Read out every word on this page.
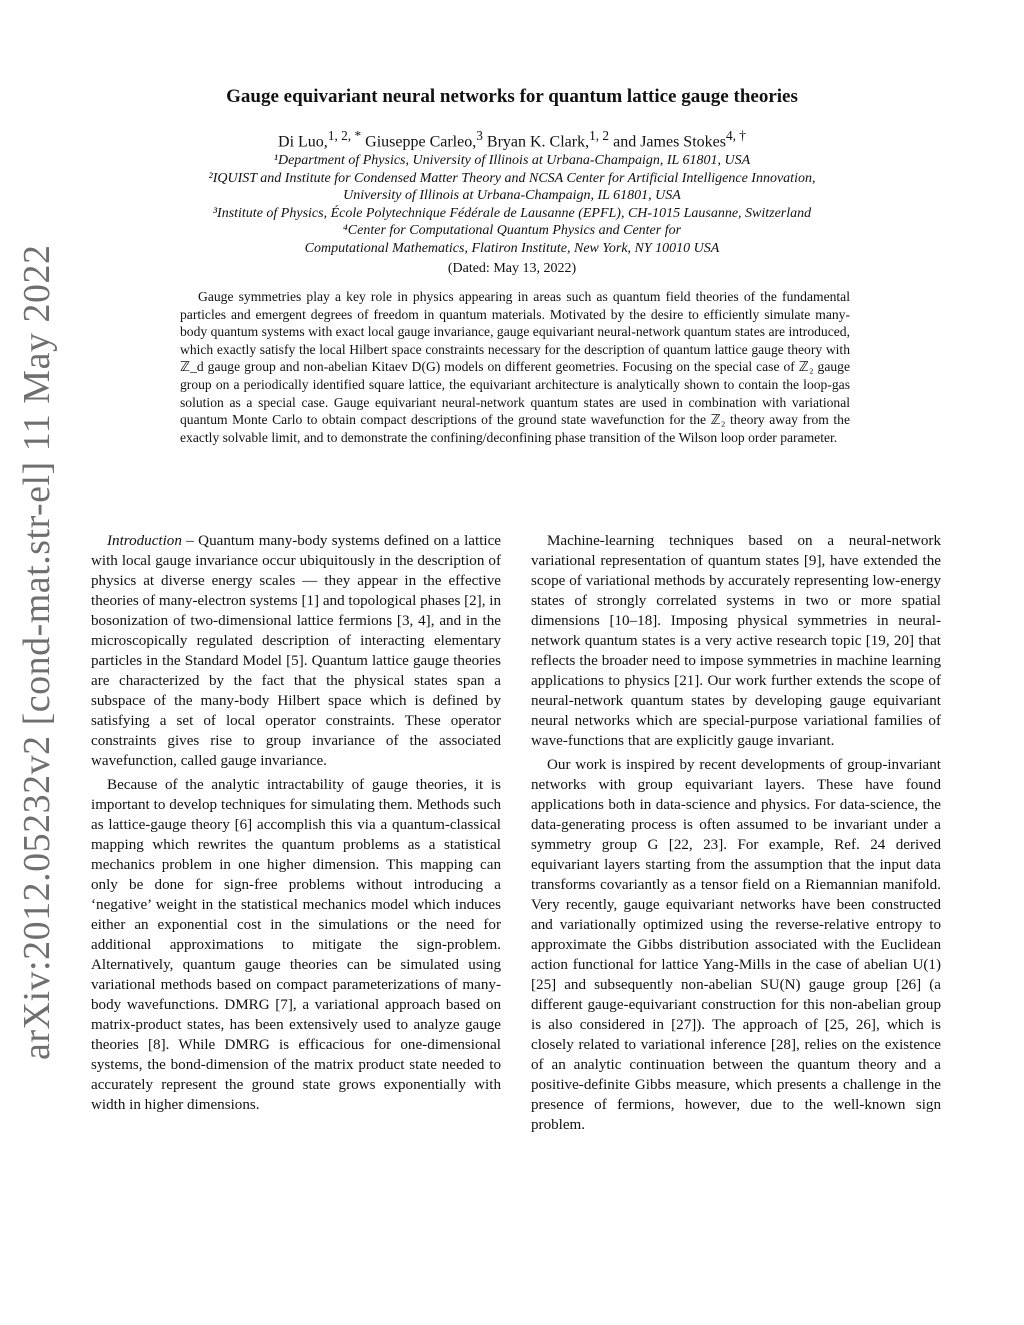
arXiv:2012.05232v2 [cond-mat.str-el] 11 May 2022
Gauge equivariant neural networks for quantum lattice gauge theories
Di Luo,$^{1, 2, *}$ Giuseppe Carleo,$^3$ Bryan K. Clark,$^{1, 2}$ and James Stokes$^{4, \dagger}$
¹Department of Physics, University of Illinois at Urbana-Champaign, IL 61801, USA
²IQUIST and Institute for Condensed Matter Theory and NCSA Center for Artificial Intelligence Innovation,
University of Illinois at Urbana-Champaign, IL 61801, USA
³Institute of Physics, École Polytechnique Fédérale de Lausanne (EPFL), CH-1015 Lausanne, Switzerland
⁴Center for Computational Quantum Physics and Center for
Computational Mathematics, Flatiron Institute, New York, NY 10010 USA
(Dated: May 13, 2022)
Gauge symmetries play a key role in physics appearing in areas such as quantum field theories of the fundamental particles and emergent degrees of freedom in quantum materials. Motivated by the desire to efficiently simulate many-body quantum systems with exact local gauge invariance, gauge equivariant neural-network quantum states are introduced, which exactly satisfy the local Hilbert space constraints necessary for the description of quantum lattice gauge theory with ℤ_d gauge group and non-abelian Kitaev D(G) models on different geometries. Focusing on the special case of ℤ₂ gauge group on a periodically identified square lattice, the equivariant architecture is analytically shown to contain the loop-gas solution as a special case. Gauge equivariant neural-network quantum states are used in combination with variational quantum Monte Carlo to obtain compact descriptions of the ground state wavefunction for the ℤ₂ theory away from the exactly solvable limit, and to demonstrate the confining/deconfining phase transition of the Wilson loop order parameter.

Introduction – Quantum many-body systems defined on a lattice with local gauge invariance occur ubiquitously in the description of physics at diverse energy scales — they appear in the effective theories of many-electron systems [1] and topological phases [2], in bosonization of two-dimensional lattice fermions [3, 4], and in the microscopically regulated description of interacting elementary particles in the Standard Model [5]. Quantum lattice gauge theories are characterized by the fact that the physical states span a subspace of the many-body Hilbert space which is defined by satisfying a set of local operator constraints. These operator constraints gives rise to group invariance of the associated wavefunction, called gauge invariance.

Because of the analytic intractability of gauge theories, it is important to develop techniques for simulating them. Methods such as lattice-gauge theory [6] accomplish this via a quantum-classical mapping which rewrites the quantum problems as a statistical mechanics problem in one higher dimension. This mapping can only be done for sign-free problems without introducing a ‘negative’ weight in the statistical mechanics model which induces either an exponential cost in the simulations or the need for additional approximations to mitigate the sign-problem. Alternatively, quantum gauge theories can be simulated using variational methods based on compact parameterizations of many-body wavefunctions. DMRG [7], a variational approach based on matrix-product states, has been extensively used to analyze gauge theories [8]. While DMRG is efficacious for one-dimensional systems, the bond-dimension of the matrix product state needed to accurately represent the ground state grows exponentially with width in higher dimensions.

Machine-learning techniques based on a neural-network variational representation of quantum states [9], have extended the scope of variational methods by accurately representing low-energy states of strongly correlated systems in two or more spatial dimensions [10–18]. Imposing physical symmetries in neural-network quantum states is a very active research topic [19, 20] that reflects the broader need to impose symmetries in machine learning applications to physics [21]. Our work further extends the scope of neural-network quantum states by developing gauge equivariant neural networks which are special-purpose variational families of wave-functions that are explicitly gauge invariant.

Our work is inspired by recent developments of group-invariant networks with group equivariant layers. These have found applications both in data-science and physics. For data-science, the data-generating process is often assumed to be invariant under a symmetry group G [22, 23]. For example, Ref. 24 derived equivariant layers starting from the assumption that the input data transforms covariantly as a tensor field on a Riemannian manifold. Very recently, gauge equivariant networks have been constructed and variationally optimized using the reverse-relative entropy to approximate the Gibbs distribution associated with the Euclidean action functional for lattice Yang-Mills in the case of abelian U(1) [25] and subsequently non-abelian SU(N) gauge group [26] (a different gauge-equivariant construction for this non-abelian group is also considered in [27]). The approach of [25, 26], which is closely related to variational inference [28], relies on the existence of an analytic continuation between the quantum theory and a positive-definite Gibbs measure, which presents a challenge in the presence of fermions, however, due to the well-known sign problem.
